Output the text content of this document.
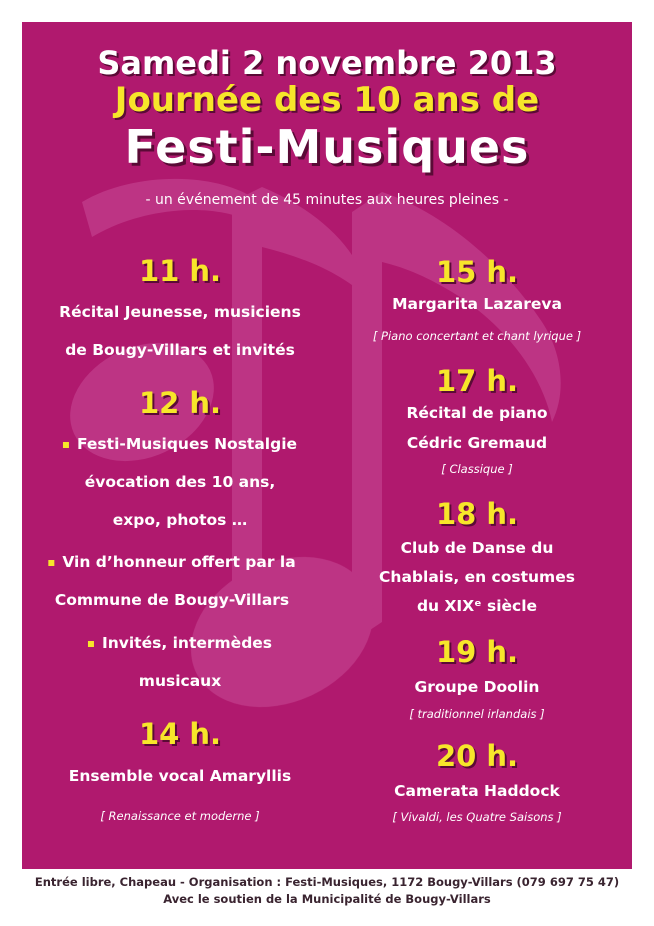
Samedi 2 novembre 2013
Journée des 10 ans de
Festi-Musiques
- un événement de 45 minutes aux heures pleines -
11 h.
Récital Jeunesse, musiciens
de Bougy-Villars et invités
12 h.
Festi-Musiques Nostalgie
évocation des 10 ans,
expo, photos …
Vin d’honneur offert par la
Commune de Bougy-Villars
Invités, intermèdes
musicaux
14 h.
Ensemble vocal Amaryllis
[ Renaissance et moderne ]
15 h.
Margarita Lazareva
[ Piano concertant et chant lyrique ]
17 h.
Récital de piano
Cédric Gremaud
[ Classique ]
18 h.
Club de Danse du
Chablais, en costumes
du XIXᵉ siècle
19 h.
Groupe Doolin
[ traditionnel irlandais ]
20 h.
Camerata Haddock
[ Vivaldi, les Quatre Saisons ]
Entrée libre, Chapeau - Organisation : Festi-Musiques, 1172 Bougy-Villars (079 697 75 47)
Avec le soutien de la Municipalité de Bougy-Villars
